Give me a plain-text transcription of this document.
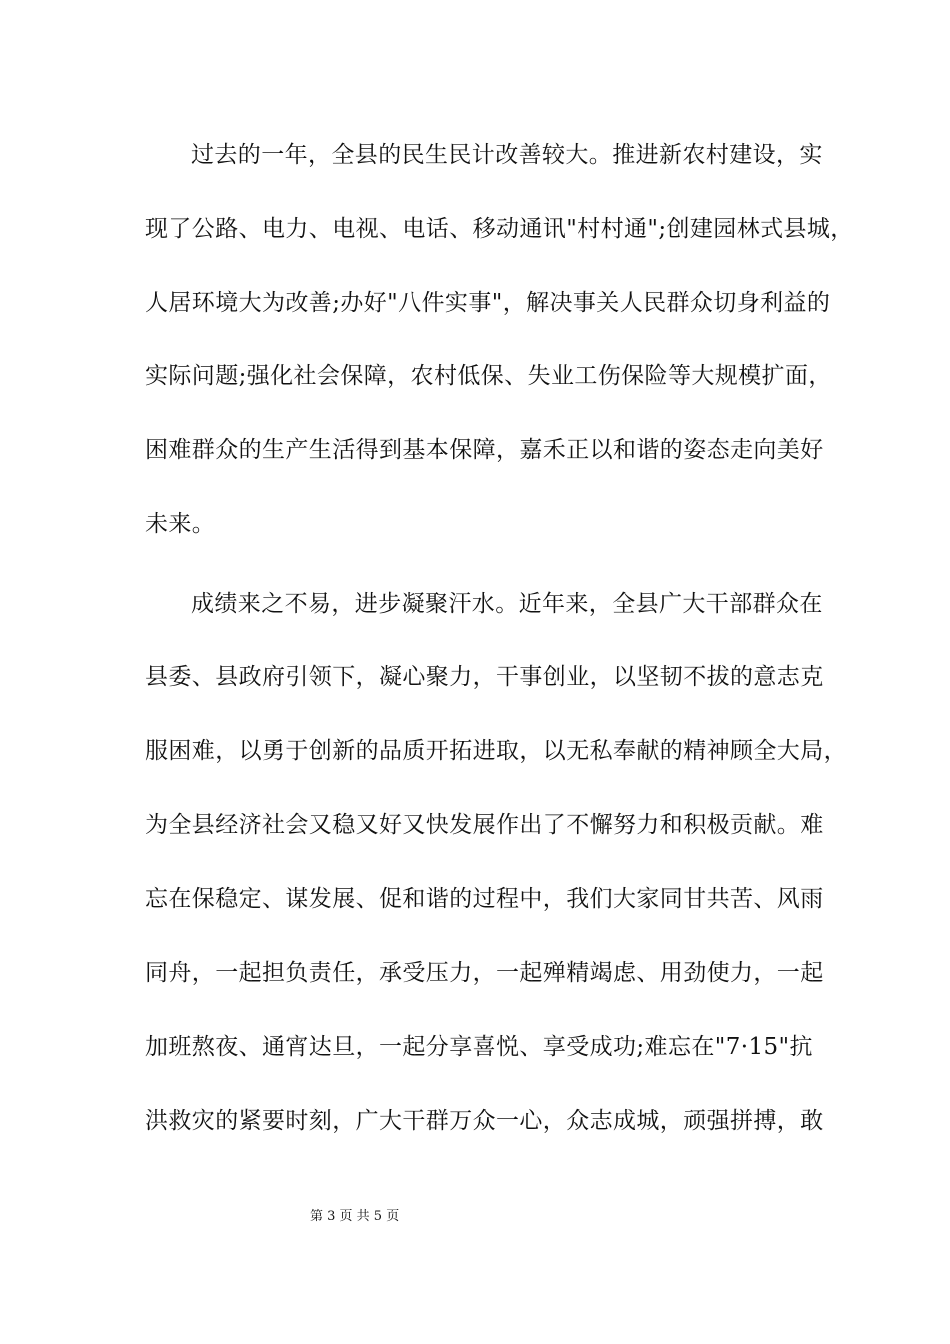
过去的一年，全县的民生民计改善较大。推进新农村建设，实
现了公路、电力、电视、电话、移动通讯"村村通";创建园林式县城，
人居环境大为改善;办好"八件实事"，解决事关人民群众切身利益的
实际问题;强化社会保障，农村低保、失业工伤保险等大规模扩面，
困难群众的生产生活得到基本保障，嘉禾正以和谐的姿态走向美好
未来。
成绩来之不易，进步凝聚汗水。近年来，全县广大干部群众在
县委、县政府引领下，凝心聚力，干事创业，以坚韧不拔的意志克
服困难，以勇于创新的品质开拓进取，以无私奉献的精神顾全大局，
为全县经济社会又稳又好又快发展作出了不懈努力和积极贡献。难
忘在保稳定、谋发展、促和谐的过程中，我们大家同甘共苦、风雨
同舟，一起担负责任，承受压力，一起殚精竭虑、用劲使力，一起
加班熬夜、通宵达旦，一起分享喜悦、享受成功;难忘在"7·15"抗
洪救灾的紧要时刻，广大干群万众一心，众志成城，顽强拼搏，敢
第 3 页 共 5 页
